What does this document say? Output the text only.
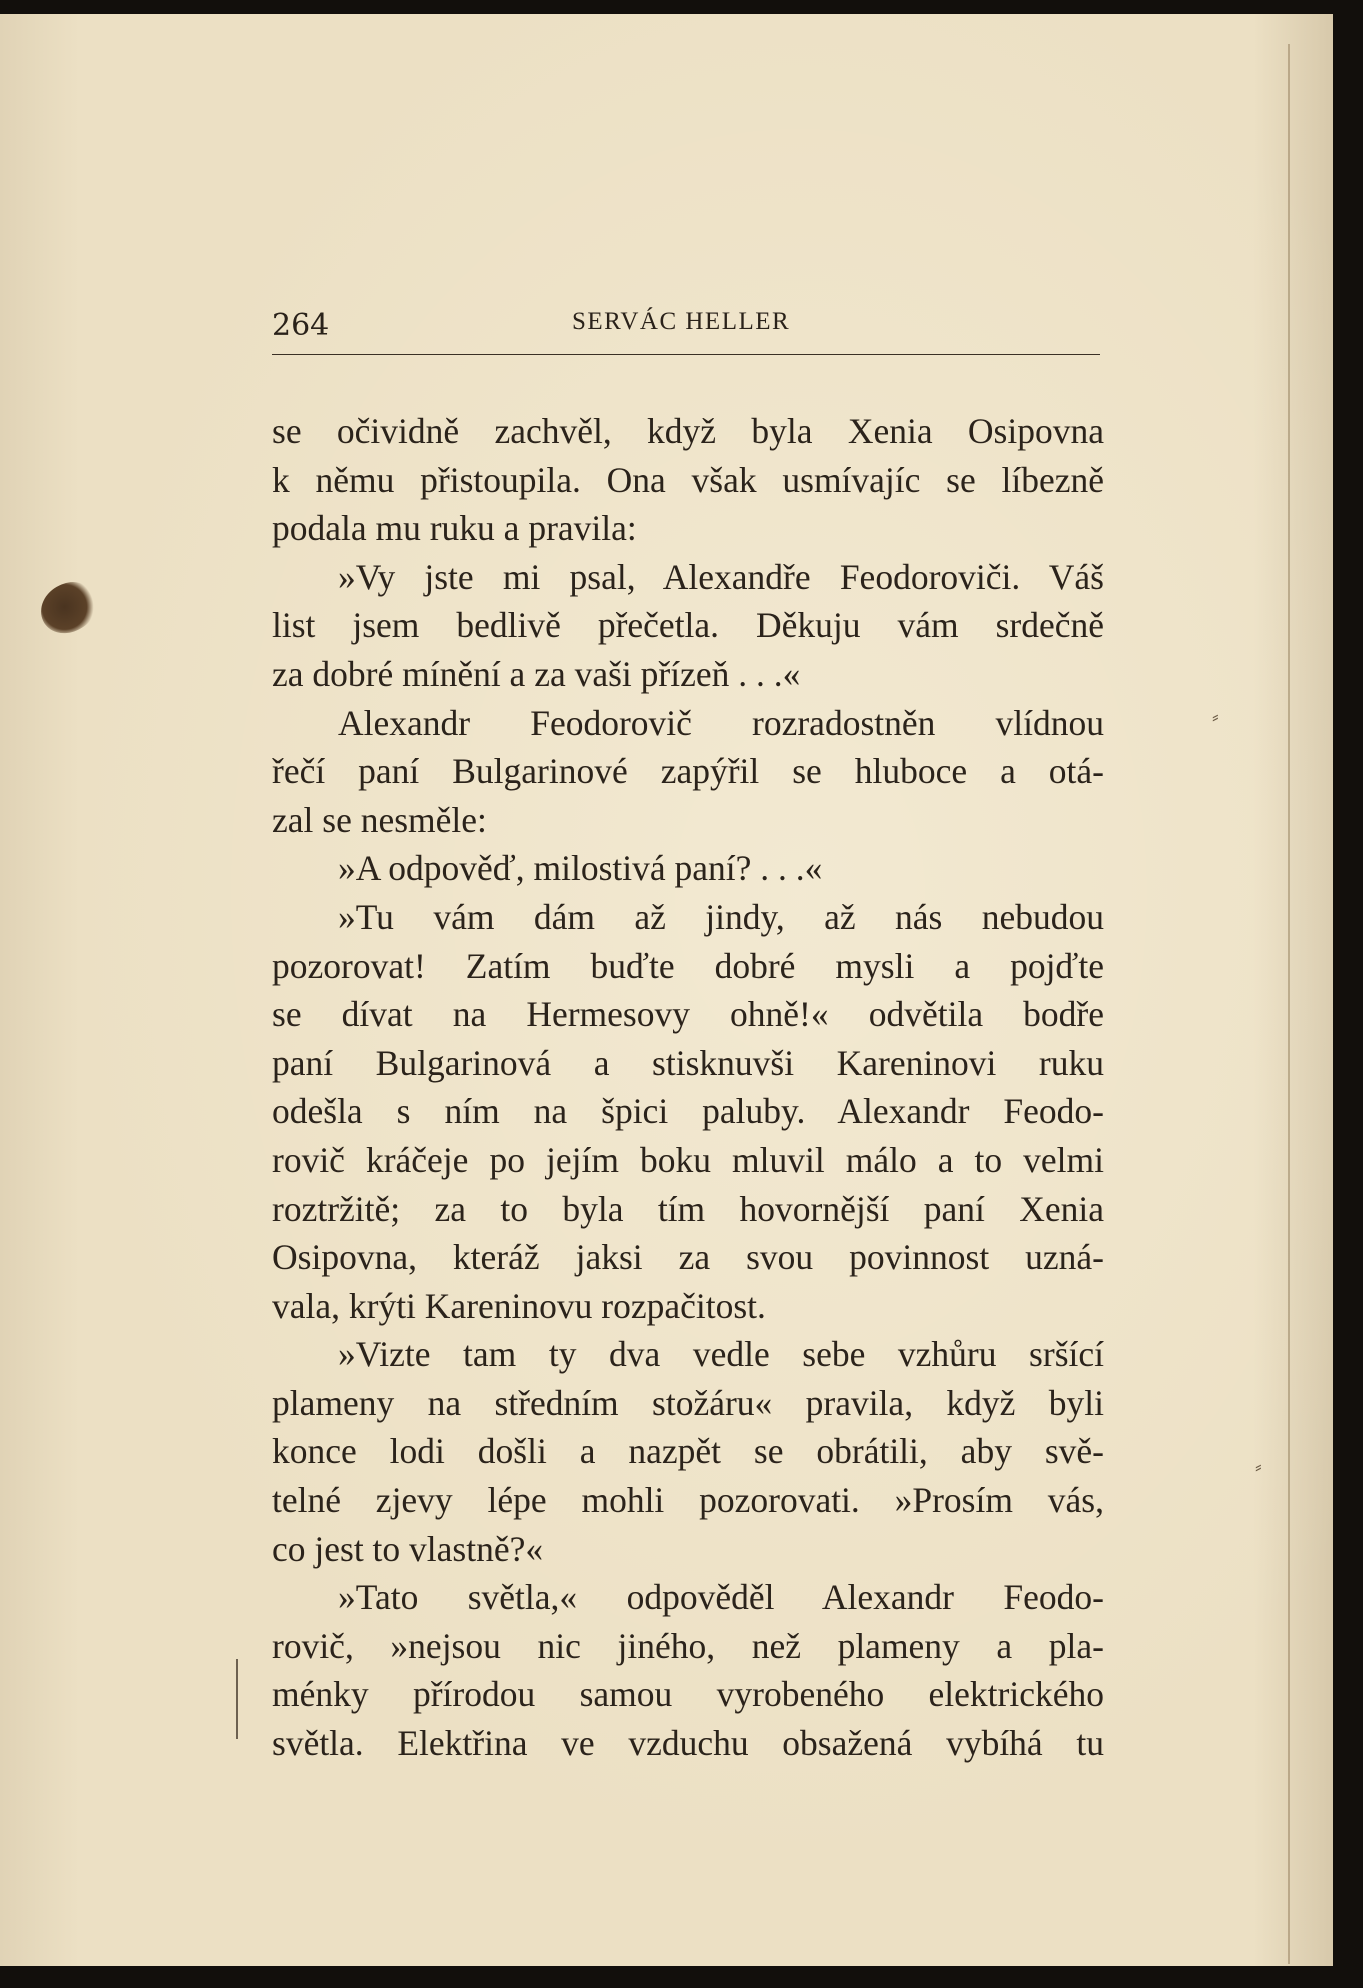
⸗
⸗
264	SERVÁC HELLER
se očividně zachvěl, když byla Xenia Osipovna
k němu přistoupila. Ona však usmívajíc se líbezně
podala mu ruku a pravila:
»Vy jste mi psal, Alexandře Feodoroviči. Váš
list jsem bedlivě přečetla. Děkuju vám srdečně
za dobré mínění a za vaši přízeň . . .«
Alexandr Feodorovič rozradostněn vlídnou
řečí paní Bulgarinové zapýřil se hluboce a otá-
zal se nesměle:
»A odpověď, milostivá paní? . . .«
»Tu vám dám až jindy, až nás nebudou
pozorovat! Zatím buďte dobré mysli a pojďte
se dívat na Hermesovy ohně!« odvětila bodře
paní Bulgarinová a stisknuvši Kareninovi ruku
odešla s ním na špici paluby. Alexandr Feodo-
rovič kráčeje po jejím boku mluvil málo a to velmi
roztržitě; za to byla tím hovornější paní Xenia
Osipovna, kteráž jaksi za svou povinnost uzná-
vala, krýti Kareninovu rozpačitost.
»Vizte tam ty dva vedle sebe vzhůru sršící
plameny na středním stožáru« pravila, když byli
konce lodi došli a nazpět se obrátili, aby svě-
telné zjevy lépe mohli pozorovati. »Prosím vás,
co jest to vlastně?«
»Tato světla,« odpověděl Alexandr Feodo-
rovič, »nejsou nic jiného, než plameny a pla-
ménky přírodou samou vyrobeného elektrického
světla. Elektřina ve vzduchu obsažená vybíhá tu
